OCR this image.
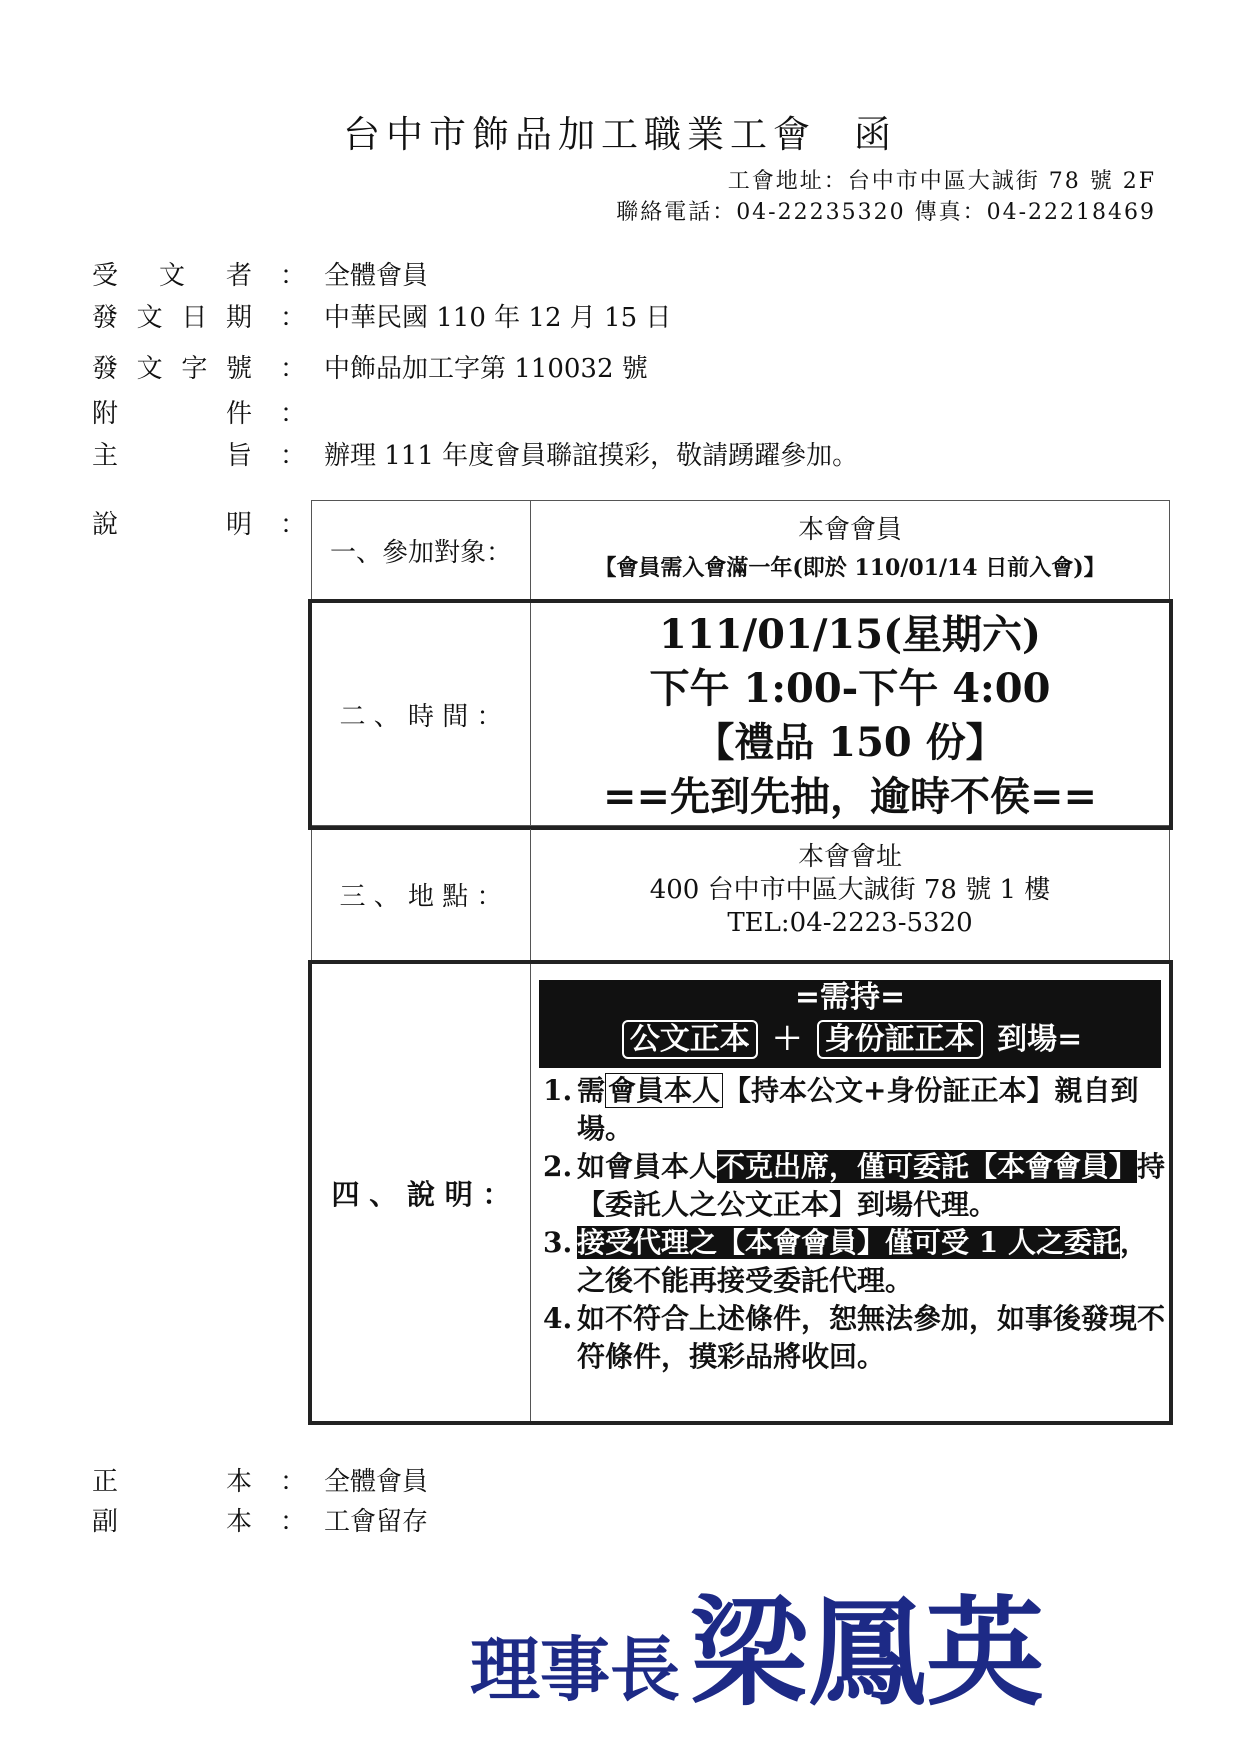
台中市飾品加工職業工會 函
工會地址：台中市中區大誠街 78 號 2F
聯絡電話：04-22235320 傳真：04-22218469
受文者 ： 全體會員
發文日期 ： 中華民國 110 年 12 月 15 日
發文字號 ： 中飾品加工字第 110032 號
附件 ：
主旨 ： 辦理 111 年度會員聯誼摸彩，敬請踴躍參加。
說明 ：
一、參加對象：
本會會員
【會員需入會滿一年(即於 110/01/14 日前入會)】
二 、 時 間 ：
111/01/15(星期六)
下午 1:00-下午 4:00
【禮品 150 份】
==先到先抽，逾時不侯==
三 、 地 點 ：
本會會址
400 台中市中區大誠街 78 號 1 樓
TEL:04-2223-5320
四 、 說 明 ：
=需持=
公文正本 ＋ 身份証正本 到場=
1. 需 會員本人 【持本公文+身份証正本】親自到場。
2. 如會員本人不克出席，僅可委託【本會會員】持【委託人之公文正本】到場代理。
3. 接受代理之【本會會員】僅可受 1 人之委託，之後不能再接受委託代理。
4. 如不符合上述條件，恕無法參加，如事後發現不符條件，摸彩品將收回。
正本 ： 全體會員
副本 ： 工會留存
理事長梁鳳英
